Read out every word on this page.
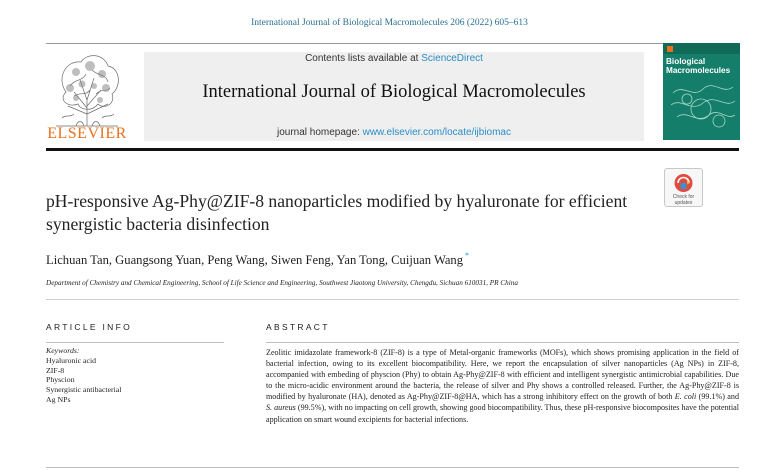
International Journal of Biological Macromolecules 206 (2022) 605–613
ELSEVIER
Contents lists available at ScienceDirect
International Journal of Biological Macromolecules
journal homepage: www.elsevier.com/locate/ijbiomac
Biological
Macromolecules
pH-responsive Ag-Phy@ZIF-8 nanoparticles modified by hyaluronate for efficient synergistic bacteria disinfection
Check for
updates
Lichuan Tan, Guangsong Yuan, Peng Wang, Siwen Feng, Yan Tong, Cuijuan Wang *
Department of Chemistry and Chemical Engineering, School of Life Science and Engineering, Southwest Jiaotong University, Chengdu, Sichuan 610031, PR China
ARTICLE INFO	ABSTRACT
Keywords:
Hyaluronic acid
ZIF-8
Physcion
Synergistic antibacterial
Ag NPs
Zeolitic imidazolate framework-8 (ZIF-8) is a type of Metal-organic frameworks (MOFs), which shows promising application in the field of bacterial infection, owing to its excellent biocompatibility. Here, we report the encapsulation of silver nanoparticles (Ag NPs) in ZIF-8, accompanied with embeding of physcion (Phy) to obtain Ag-Phy@ZIF-8 with efficient and intelligent synergistic antimicrobial capabilities. Due to the micro-acidic environment around the bacteria, the release of silver and Phy shows a controlled released. Further, the Ag-Phy@ZIF-8 is modified by hyaluronate (HA), denoted as Ag-Phy@ZIF-8@HA, which has a strong inhibitory effect on the growth of both E. coli (99.1%) and S. aureus (99.5%), with no impacting on cell growth, showing good biocompatibility. Thus, these pH-responsive biocomposites have the potential application on smart wound excipients for bacterial infections.
